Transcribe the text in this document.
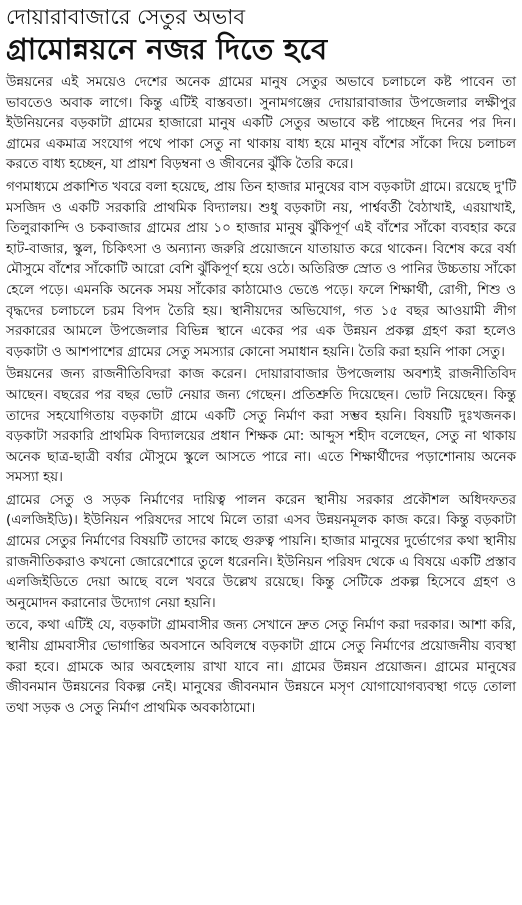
দোয়ারাবাজারে সেতুর অভাব
গ্রামোন্নয়নে নজর দিতে হবে

উন্নয়নের এই সময়েও দেশের অনেক গ্রামের মানুষ সেতুর অভাবে চলাচলে কষ্ট পাবেন তা ভাবতেও অবাক লাগে। কিন্তু এটিই বাস্তবতা। সুনামগঞ্জের দোয়ারাবাজার উপজেলার লক্ষীপুর ইউনিয়নের বড়কাটা গ্রামের হাজারো মানুষ একটি সেতুর অভাবে কষ্ট পাচ্ছেন দিনের পর দিন। গ্রামের একমাত্র সংযোগ পথে পাকা সেতু না থাকায় বাধ্য হয়ে মানুষ বাঁশের সাঁকো দিয়ে চলাচল করতে বাধ্য হচ্ছেন, যা প্রায়শ বিড়ম্বনা ও জীবনের ঝুঁকি তৈরি করে।

গণমাধ্যমে প্রকাশিত খবরে বলা হয়েছে, প্রায় তিন হাজার মানুষের বাস বড়কাটা গ্রামে। রয়েছে দু'টি মসজিদ ও একটি সরকারি প্রাথমিক বিদ্যালয়। শুধু বড়কাটা নয়, পার্শ্ববর্তী বৈঠাখাই, এরয়াখাই, তিলুরাকান্দি ও চকবাজার গ্রামের প্রায় ১০ হাজার মানুষ ঝুঁকিপূর্ণ এই বাঁশের সাঁকো ব্যবহার করে হাট-বাজার, স্কুল, চিকিৎসা ও অন্যান্য জরুরি প্রয়োজনে যাতায়াত করে থাকেন। বিশেষ করে বর্ষা মৌসুমে বাঁশের সাঁকোটি আরো বেশি ঝুঁকিপূর্ণ হয়ে ওঠে। অতিরিক্ত স্রোত ও পানির উচ্চতায় সাঁকো হেলে পড়ে। এমনকি অনেক সময় সাঁকোর কাঠামোও ভেঙে পড়ে। ফলে শিক্ষার্থী, রোগী, শিশু ও বৃদ্ধদের চলাচলে চরম বিপদ তৈরি হয়। স্থানীয়দের অভিযোগ, গত ১৫ বছর আওয়ামী লীগ সরকারের আমলে উপজেলার বিভিন্ন স্থানে একের পর এক উন্নয়ন প্রকল্প গ্রহণ করা হলেও বড়কাটা ও আশপাশের গ্রামের সেতু সমস্যার কোনো সমাধান হয়নি। তৈরি করা হয়নি পাকা সেতু।

উন্নয়নের জন্য রাজনীতিবিদরা কাজ করেন। দোয়ারাবাজার উপজেলায় অবশ্যই রাজনীতিবিদ আছেন। বছরের পর বছর ভোট নেয়ার জন্য গেছেন। প্রতিশ্রুতি দিয়েছেন। ভোট নিয়েছেন। কিন্তু তাদের সহযোগিতায় বড়কাটা গ্রামে একটি সেতু নির্মাণ করা সম্ভব হয়নি। বিষয়টি দুঃখজনক। বড়কাটা সরকারি প্রাথমিক বিদ্যালয়ের প্রধান শিক্ষক মো: আব্দুস শহীদ বলেছেন, সেতু না থাকায় অনেক ছাত্র-ছাত্রী বর্ষার মৌসুমে স্কুলে আসতে পারে না। এতে শিক্ষার্থীদের পড়াশোনায় অনেক সমস্যা হয়।

গ্রামের সেতু ও সড়ক নির্মাণের দায়িত্ব পালন করেন স্থানীয় সরকার প্রকৌশল অধিদফতর (এলজিইডি)। ইউনিয়ন পরিষদের সাথে মিলে তারা এসব উন্নয়নমূলক কাজ করে। কিন্তু বড়কাটা গ্রামের সেতুর নির্মাণের বিষয়টি তাদের কাছে গুরুত্ব পায়নি। হাজার মানুষের দুর্ভোগের কথা স্থানীয় রাজনীতিকরাও কখনো জোরেশোরে তুলে ধরেননি। ইউনিয়ন পরিষদ থেকে এ বিষয়ে একটি প্রস্তাব এলজিইডিতে দেয়া আছে বলে খবরে উল্লেখ রয়েছে। কিন্তু সেটিকে প্রকল্প হিসেবে গ্রহণ ও অনুমোদন করানোর উদ্যোগ নেয়া হয়নি।

তবে, কথা এটিই যে, বড়কাটা গ্রামবাসীর জন্য সেখানে দ্রুত সেতু নির্মাণ করা দরকার। আশা করি, স্থানীয় গ্রামবাসীর ভোগান্তির অবসানে অবিলম্বে বড়কাটা গ্রামে সেতু নির্মাণের প্রয়োজনীয় ব্যবস্থা করা হবে। গ্রামকে আর অবহেলায় রাখা যাবে না। গ্রামের উন্নয়ন প্রয়োজন। গ্রামের মানুষের জীবনমান উন্নয়নের বিকল্প নেই। মানুষের জীবনমান উন্নয়নে মসৃণ যোগাযোগব্যবস্থা গড়ে তোলা তথা সড়ক ও সেতু নির্মাণ প্রাথমিক অবকাঠামো।
